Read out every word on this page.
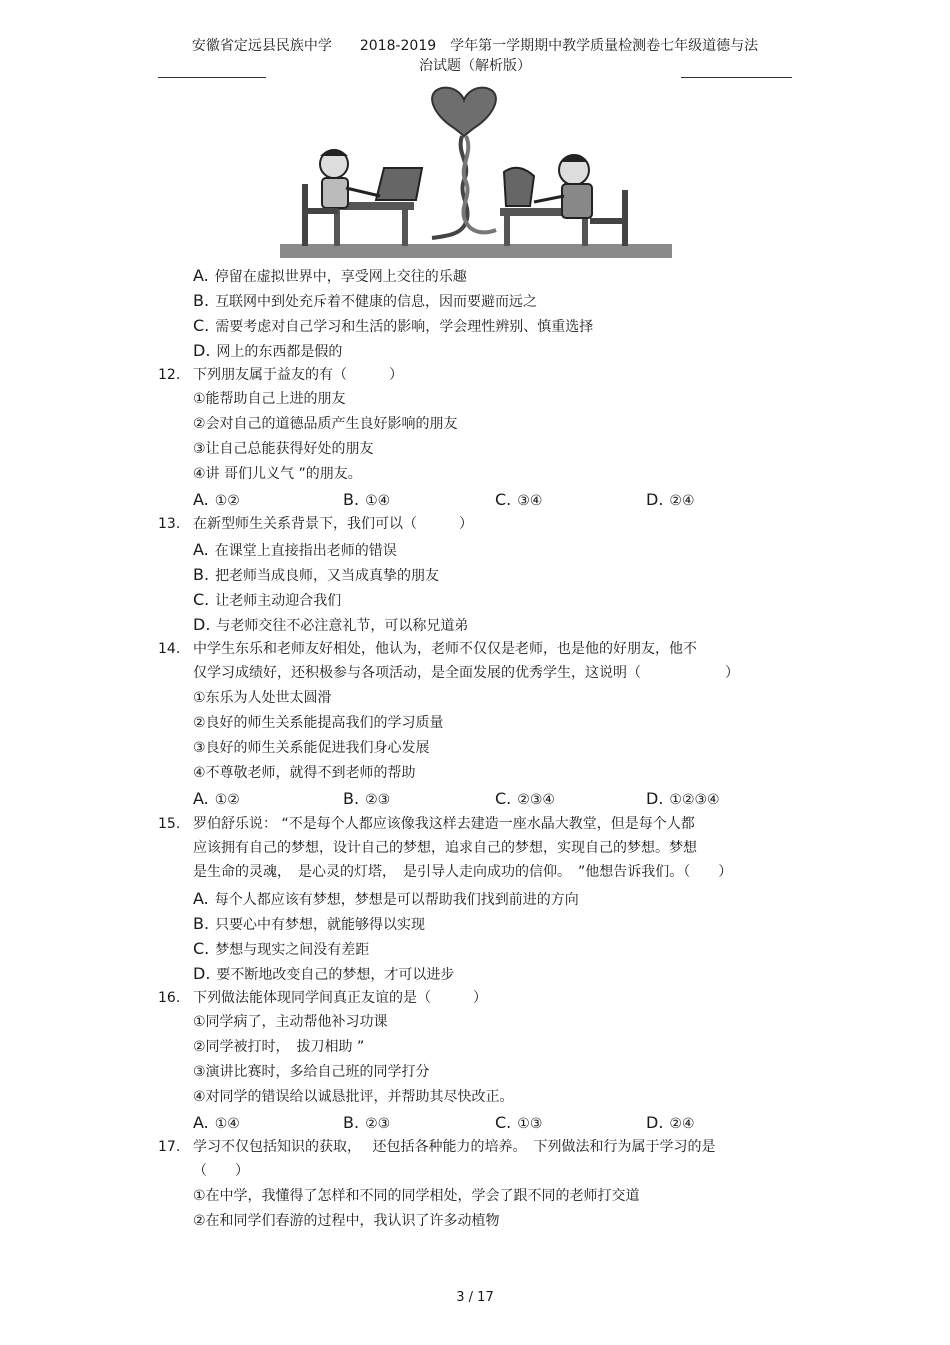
安徽省定远县民族中学　　2018-2019　学年第一学期期中教学质量检测卷七年级道德与法
治试题（解析版）
A. 停留在虚拟世界中，享受网上交往的乐趣
B. 互联网中到处充斥着不健康的信息，因而要避而远之
C. 需要考虑对自己学习和生活的影响，学会理性辨别、慎重选择
D. 网上的东西都是假的
12. 下列朋友属于益友的有（　　　）
①能帮助自己上进的朋友
②会对自己的道德品质产生良好影响的朋友
③让自己总能获得好处的朋友
④讲 哥们儿义气 ”的朋友。
A. ①②	B. ①④	C. ③④	D. ②④
13. 在新型师生关系背景下，我们可以（　　　）
A. 在课堂上直接指出老师的错误
B. 把老师当成良师，又当成真挚的朋友
C. 让老师主动迎合我们
D. 与老师交往不必注意礼节，可以称兄道弟
14. 中学生东乐和老师友好相处，他认为，老师不仅仅是老师，也是他的好朋友，他不
仅学习成绩好，还积极参与各项活动，是全面发展的优秀学生，这说明（　　　　　　）
①东乐为人处世太圆滑
②良好的师生关系能提高我们的学习质量
③良好的师生关系能促进我们身心发展
④不尊敬老师，就得不到老师的帮助
A. ①②	B. ②③	C. ②③④	D. ①②③④
15. 罗伯舒乐说： “不是每个人都应该像我这样去建造一座水晶大教堂，但是每个人都
应该拥有自己的梦想，设计自己的梦想，追求自己的梦想，实现自己的梦想。梦想
是生命的灵魂，　是心灵的灯塔，　是引导人走向成功的信仰。　”他想告诉我们。（　　）
A. 每个人都应该有梦想，梦想是可以帮助我们找到前进的方向
B. 只要心中有梦想，就能够得以实现
C. 梦想与现实之间没有差距
D. 要不断地改变自己的梦想，才可以进步
16. 下列做法能体现同学间真正友谊的是（　　　）
①同学病了，主动帮他补习功课
②同学被打时，　拔刀相助 ”
③演讲比赛时，多给自己班的同学打分
④对同学的错误给以诚恳批评，并帮助其尽快改正。
A. ①④	B. ②③	C. ①③	D. ②④
17. 学习不仅包括知识的获取，　 还包括各种能力的培养。　下列做法和行为属于学习的是
（　　）
①在中学，我懂得了怎样和不同的同学相处，学会了跟不同的老师打交道
②在和同学们春游的过程中，我认识了许多动植物
3 / 17
